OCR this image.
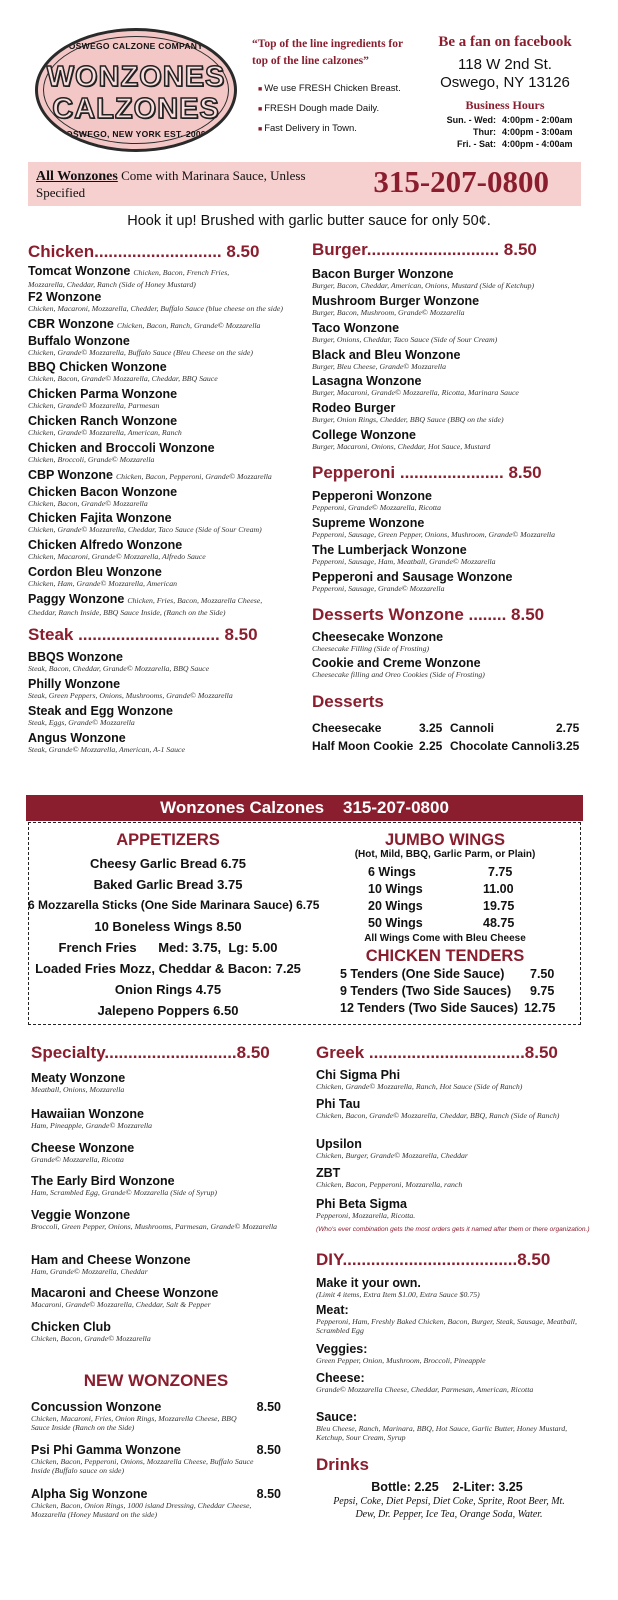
OSWEGO CALZONE COMPANY
WONZONES
CALZONES
OSWEGO, NEW YORK EST. 2009
“Top of the line ingredients for top of the line calzones”
■ We use FRESH Chicken Breast.
■ FRESH Dough made Daily.
■ Fast Delivery in Town.
Be a fan on facebook
118 W 2nd St.
Oswego, NY 13126
Business Hours
Sun. - Wed: 4:00pm - 2:00am
Thur: 4:00pm - 3:00am
Fri. - Sat: 4:00pm - 4:00am
All Wonzones Come with Marinara Sauce, Unless Specified	315-207-0800
Hook it up! Brushed with garlic butter sauce for only 50¢.
Chicken........................... 8.50
Tomcat Wonzone Chicken, Bacon, French Fries,
Mozzarella, Cheddar, Ranch (Side of Honey Mustard)
F2 Wonzone
Chicken, Macaroni, Mozzarella, Chedder, Buffalo Sauce (blue cheese on the side)
CBR Wonzone Chicken, Bacon, Ranch, Grande© Mozzarella
Buffalo Wonzone
Chicken, Grande© Mozzarella, Buffalo Sauce (Bleu Cheese on the side)
BBQ Chicken Wonzone
Chicken, Bacon, Grande© Mozzarella, Cheddar, BBQ Sauce
Chicken Parma Wonzone
Chicken, Grande© Mozzarella, Parmesan
Chicken Ranch Wonzone
Chicken, Grande© Mozzarella, American, Ranch
Chicken and Broccoli Wonzone
Chicken, Broccoli, Grande© Mozzarella
CBP Wonzone Chicken, Bacon, Pepperoni, Grande© Mozzarella
Chicken Bacon Wonzone
Chicken, Bacon, Grande© Mozzarella
Chicken Fajita Wonzone
Chicken, Grande© Mozzarella, Cheddar, Taco Sauce (Side of Sour Cream)
Chicken Alfredo Wonzone
Chicken, Macaroni, Grande© Mozzarella, Alfredo Sauce
Cordon Bleu Wonzone
Chicken, Ham, Grande© Mozzarella, American
Paggy Wonzone Chicken, Fries, Bacon, Mozzarella Cheese,
Cheddar, Ranch Inside, BBQ Sauce Inside, (Ranch on the Side)
Steak .............................. 8.50
BBQS Wonzone
Steak, Bacon, Cheddar, Grande© Mozzarella, BBQ Sauce
Philly Wonzone
Steak, Green Peppers, Onions, Mushrooms, Grande© Mozzarella
Steak and Egg Wonzone
Steak, Eggs, Grande© Mozzarella
Angus Wonzone
Steak, Grande© Mozzarella, American, A-1 Sauce
Burger............................ 8.50
Bacon Burger Wonzone
Burger, Bacon, Cheddar, American, Onions, Mustard (Side of Ketchup)
Mushroom Burger Wonzone
Burger, Bacon, Mushroom, Grande© Mozzarella
Taco Wonzone
Burger, Onions, Cheddar, Taco Sauce (Side of Sour Cream)
Black and Bleu Wonzone
Burger, Bleu Cheese, Grande© Mozzarella
Lasagna Wonzone
Burger, Macaroni, Grande© Mozzarella, Ricotta, Marinara Sauce
Rodeo Burger
Burger, Onion Rings, Chedder, BBQ Sauce (BBQ on the side)
College Wonzone
Burger, Macaroni, Onions, Cheddar, Hot Sauce, Mustard
Pepperoni ...................... 8.50
Pepperoni Wonzone
Pepperoni, Grande© Mozzarella, Ricotta
Supreme Wonzone
Pepperoni, Sausage, Green Pepper, Onions, Mushroom, Grande© Mozzarella
The Lumberjack Wonzone
Pepperoni, Sausage, Ham, Meatball, Grande© Mozzarella
Pepperoni and Sausage Wonzone
Pepperoni, Sausage, Grande© Mozzarella
Desserts Wonzone ........ 8.50
Cheesecake Wonzone
Cheesecake Filling (Side of Frosting)
Cookie and Creme Wonzone
Cheesecake filling and Oreo Cookies (Side of Frosting)
Desserts
Cheesecake	3.25 Cannoli	2.75
Half Moon Cookie 2.25 Chocolate Cannoli 3.25
Wonzones Calzones    315-207-0800
APPETIZERS
Cheesy Garlic Bread 6.75
Baked Garlic Bread 3.75
6 Mozzarella Sticks (One Side Marinara Sauce) 6.75
10 Boneless Wings 8.50
French Fries      Med: 3.75,  Lg: 5.00
Loaded Fries Mozz, Cheddar & Bacon: 7.25
Onion Rings 4.75
Jalepeno Poppers 6.50
JUMBO WINGS
(Hot, Mild, BBQ, Garlic Parm, or Plain)
6 Wings	7.75
10 Wings	11.00
20 Wings	19.75
50 Wings	48.75
All Wings Come with Bleu Cheese
CHICKEN TENDERS
5 Tenders (One Side Sauce) 7.50
9 Tenders (Two Side Sauces) 9.75
12 Tenders (Two Side Sauces) 12.75
Specialty............................8.50
Meaty Wonzone
Meatball, Onions, Mozzarella
Hawaiian Wonzone
Ham, Pineapple, Grande© Mozzarella
Cheese Wonzone
Grande© Mozzarella, Ricotta
The Early Bird Wonzone
Ham, Scrambled Egg, Grande© Mozzarella (Side of Syrup)
Veggie Wonzone
Broccoli, Green Pepper, Onions, Mushrooms, Parmesan, Grande© Mozzarella
Ham and Cheese Wonzone
Ham, Grande© Mozzarella, Cheddar
Macaroni and Cheese Wonzone
Macaroni, Grande© Mozzarella, Cheddar, Salt & Pepper
Chicken Club
Chicken, Bacon, Grande© Mozzarella
NEW WONZONES
Concussion Wonzone	8.50
Chicken, Macaroni, Fries, Onion Rings, Mozzarella Cheese, BBQ Sauce Inside (Ranch on the Side)
Psi Phi Gamma Wonzone	8.50
Chicken, Bacon, Pepperoni, Onions, Mozzarella Cheese, Buffalo Sauce Inside (Buffalo sauce on side)
Alpha Sig Wonzone	8.50
Chicken, Bacon, Onion Rings, 1000 island Dressing, Cheddar Cheese, Mozzarella (Honey Mustard on the side)
Greek .................................8.50
Chi Sigma Phi
Chicken, Grande© Mozzarella, Ranch, Hot Sauce (Side of Ranch)
Phi Tau
Chicken, Bacon, Grande© Mozzarella, Cheddar, BBQ, Ranch (Side of Ranch)
Upsilon
Chicken, Burger, Grande© Mozzarella, Cheddar
ZBT
Chicken, Bacon, Pepperoni, Mozzarella, ranch
Phi Beta Sigma
Pepperoni, Mozzarella, Ricotta.
(Who's ever combination gets the most orders gets it named after them or there organization.)
DIY.....................................8.50
Make it your own.
(Limit 4 items, Extra Item $1.00, Extra Sauce $0.75)
Meat:
Pepperoni, Ham, Freshly Baked Chicken, Bacon, Burger, Steak, Sausage, Meatball, Scrambled Egg
Veggies:
Green Pepper, Onion, Mushroom, Broccoli, Pineapple
Cheese:
Grande© Mozzarella Cheese, Cheddar, Parmesan, American, Ricotta
Sauce:
Bleu Cheese, Ranch, Marinara, BBQ, Hot Sauce, Garlic Butter, Honey Mustard, Ketchup, Sour Cream, Syrup
Drinks
Bottle: 2.25    2-Liter: 3.25
Pepsi, Coke, Diet Pepsi, Diet Coke, Sprite, Root Beer, Mt. Dew, Dr. Pepper, Ice Tea, Orange Soda, Water.
